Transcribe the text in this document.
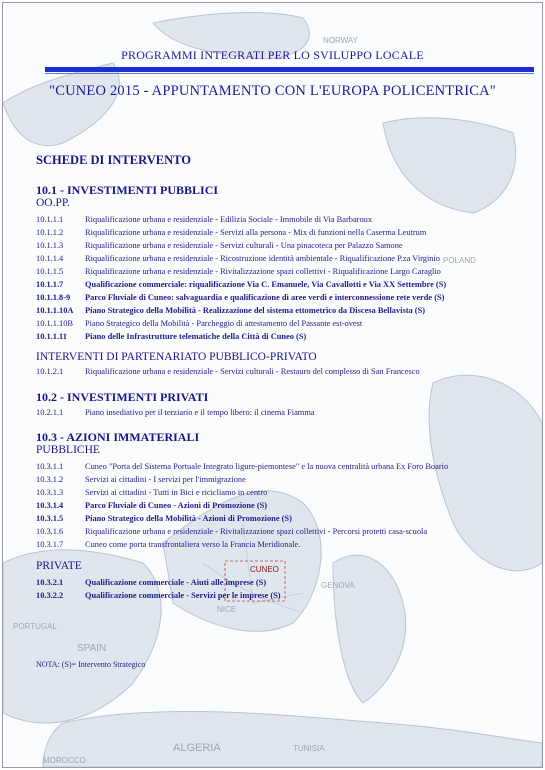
CUNEO
NICE
GENOVA
SPAIN
ALGERIA	TUNISIA
PORTUGAL
MOROCCO
NORWAY
POLAND
PROGRAMMI INTEGRATI PER LO SVILUPPO LOCALE
"CUNEO 2015 - APPUNTAMENTO CON L'EUROPA POLICENTRICA"
SCHEDE DI INTERVENTO
10.1 - INVESTIMENTI PUBBLICI
OO.PP.
INTERVENTI DI PARTENARIATO PUBBLICO-PRIVATO
10.2 - INVESTIMENTI PRIVATI
10.3 - AZIONI IMMATERIALI
PUBBLICHE
PRIVATE
NOTA: (S)= Intervento Strategico
10.1.1.1	Riqualificazione urbana e residenziale - Edilizia Sociale - Immobile di Via Barbaroux
10.1.1.2	Riqualificazione urbana e residenziale - Servizi alla persona - Mix di funzioni nella Caserma Leutrum
10.1.1.3	Riqualificazione urbana e residenziale - Servizi culturali - Una pinacoteca per Palazzo Samone
10.1.1.4	Riqualificazione urbana e residenziale - Ricostruzione identità ambientale - Riqualificazione P.za Virginio
10.1.1.5	Riqualificazione urbana e residenziale - Rivitalizzazione spazi collettivi - Riqualificazione Largo Caraglio
10.1.1.7	Qualificazione commerciale: riqualificazione Via C. Emanuele, Via Cavallotti e Via XX Settembre (S)
10.1.1.8-9 Parco Fluviale di Cuneo: salvaguardia e qualificazione di aree verdi e interconnessione rete verde (S)
10.1.1.10A Piano Strategico della Mobilità - Realizzazione del sistema ettometrico da Discesa Bellavista (S)
10.1.1.10B Piano Strategico della Mobilità - Parcheggio di attestamento del Passante est-ovest
10.1.1.11 Piano delle Infrastrutture telematiche della Città di Cuneo (S)
10.1.2.1	Riqualificazione urbana e residenziale - Servizi culturali - Restauro del complesso di San Francesco
10.2.1.1	Piano insediativo per il terziario e il tempo libero: il cinema Fiamma
10.3.1.1	Cuneo "Porta del Sistema Portuale Integrato ligure-piemontese" e la nuova centralità urbana Ex Foro Boario
10.3.1.2	Servizi ai cittadini - I servizi per l'immigrazione
10.3.1.3	Servizi ai cittadini - Tutti in Bici e ricicliamo in centro
10.3.1.4	Parco Fluviale di Cuneo - Azioni di Promozione (S)
10.3.1.5	Piano Strategico della Mobilità - Azioni di Promozione (S)
10.3.1.6	Riqualificazione urbana e residenziale - Rivitalizzazione spazi collettivi - Percorsi protetti casa-scuola
10.3.1.7	Cuneo come porta transfrontaliera verso la Francia Meridionale.
10.3.2.1	Qualificazione commerciale - Aiuti alle imprese (S)
10.3.2.2	Qualificazione commerciale - Servizi per le imprese (S)
